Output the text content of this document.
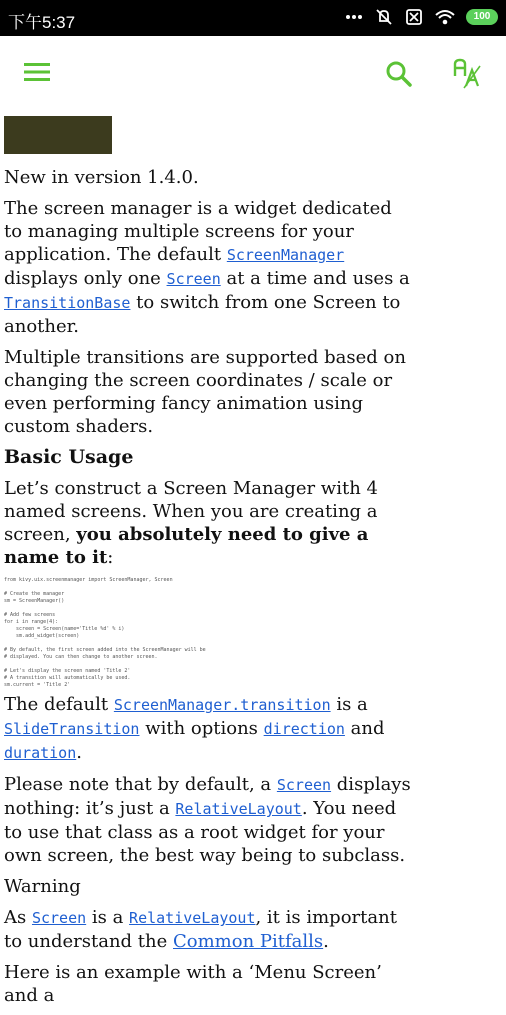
下午5:37	100

New in version 1.4.0.

The screen manager is a widget dedicated to managing multiple screens for your application. The default ScreenManager displays only one Screen at a time and uses a TransitionBase to switch from one Screen to another.

Multiple transitions are supported based on changing the screen coordinates / scale or even performing fancy animation using custom shaders.

Basic Usage

Let’s construct a Screen Manager with 4 named screens. When you are creating a screen, you absolutely need to give a name to it:

from kivy.uix.screenmanager import ScreenManager, Screen

# Create the manager
sm = ScreenManager()

# Add few screens
for i in range(4):
screen = Screen(name='Title %d' % i)
sm.add_widget(screen)

# By default, the first screen added into the ScreenManager will be
# displayed. You can then change to another screen.

# Let's display the screen named 'Title 2'
# A transition will automatically be used.
sm.current = 'Title 2'

The default ScreenManager.transition is a SlideTransition with options direction and duration.

Please note that by default, a Screen displays nothing: it’s just a RelativeLayout. You need to use that class as a root widget for your own screen, the best way being to subclass.

Warning

As Screen is a RelativeLayout, it is important to understand the Common Pitfalls.

Here is an example with a ‘Menu Screen’ and a
